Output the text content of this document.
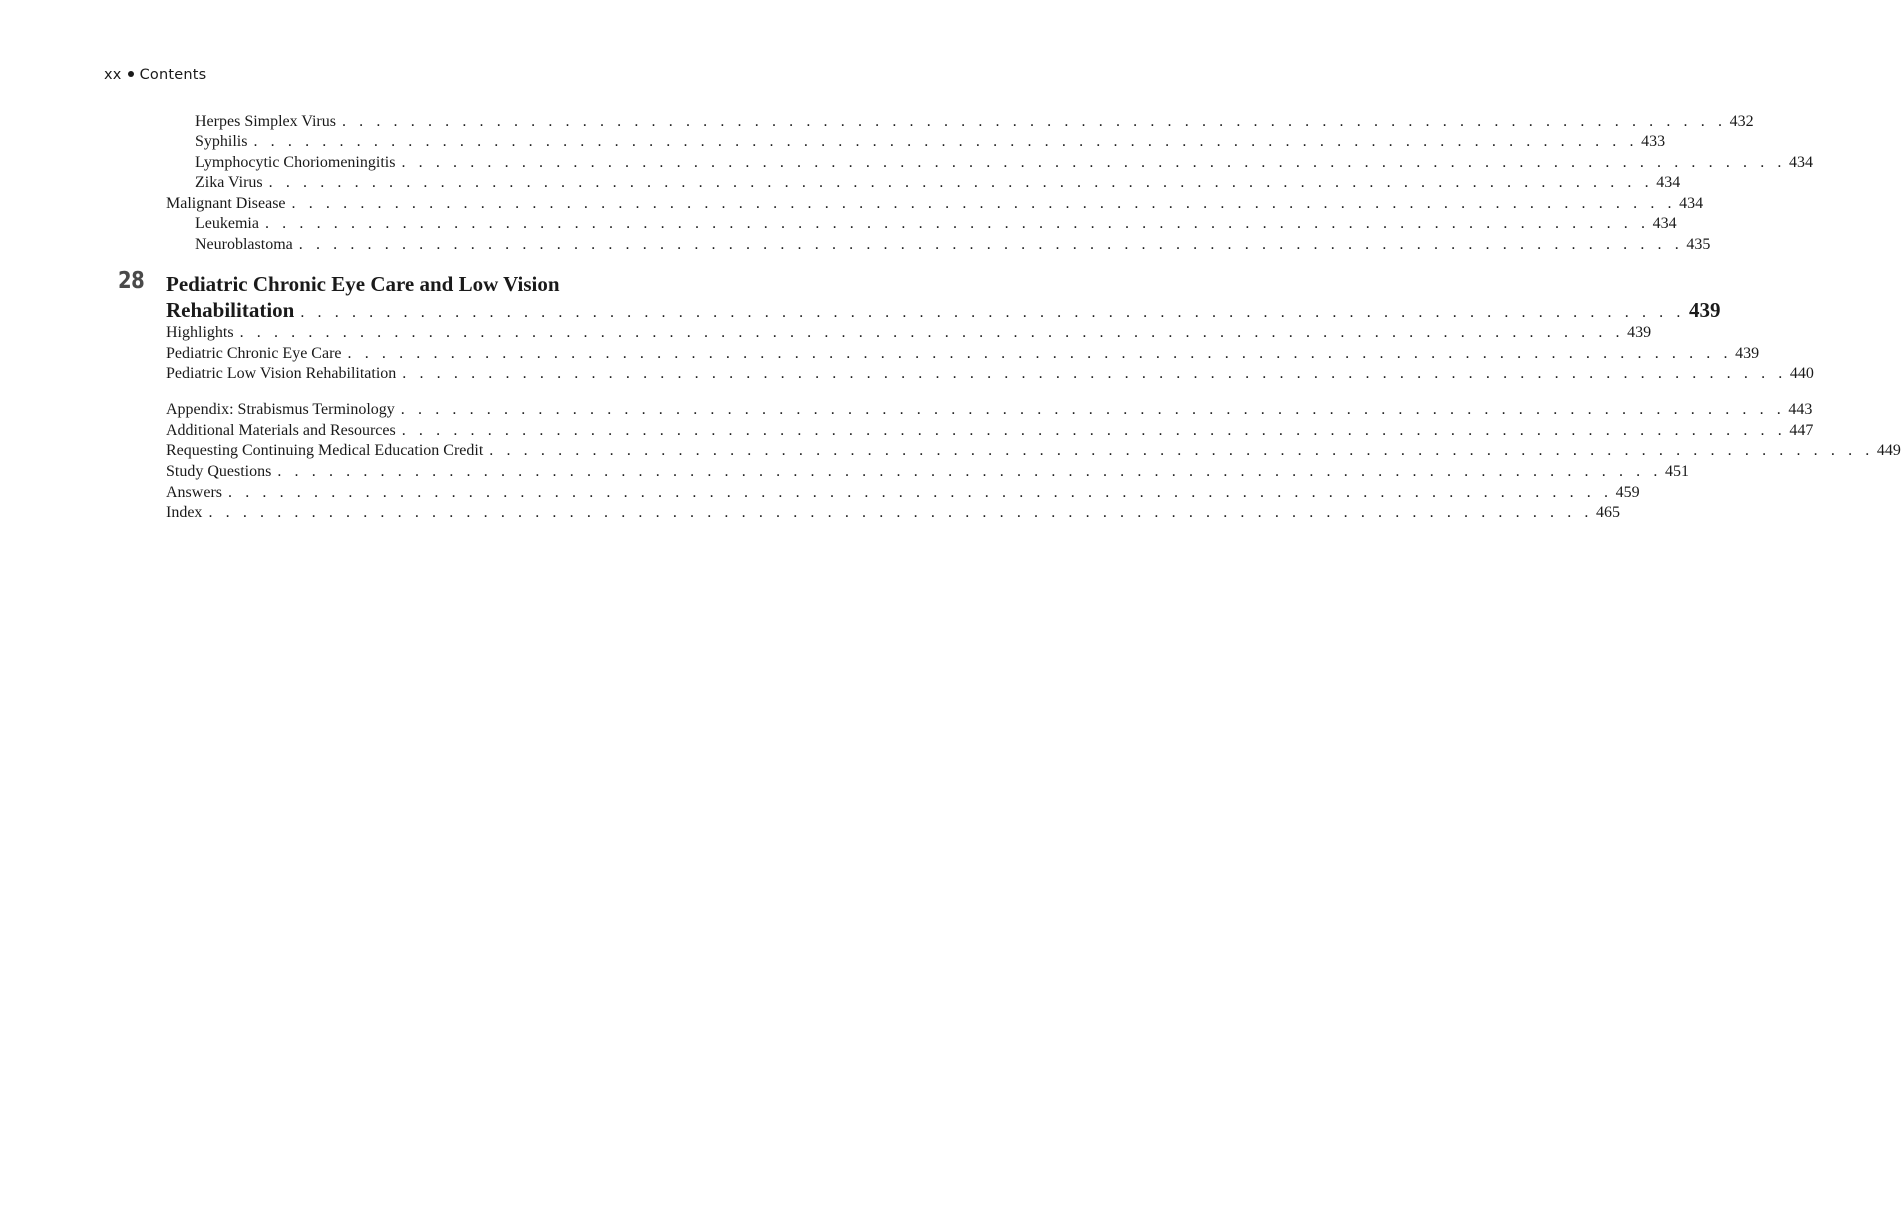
xx Contents
Herpes Simplex Virus . . . . . . . . . . . . . . . . . . . . . . . . . . . . . . . . . . . . . . . . . . . . . . . . . . . . . . . . . . . . . . . . . . . . . . . . . . . . . . . . . 432
Syphilis . . . . . . . . . . . . . . . . . . . . . . . . . . . . . . . . . . . . . . . . . . . . . . . . . . . . . . . . . . . . . . . . . . . . . . . . . . . . . . . . . 433
Lymphocytic Choriomeningitis . . . . . . . . . . . . . . . . . . . . . . . . . . . . . . . . . . . . . . . . . . . . . . . . . . . . . . . . . . . . . . . . . . . . . . . . . . . . . . . . . 434
Zika Virus . . . . . . . . . . . . . . . . . . . . . . . . . . . . . . . . . . . . . . . . . . . . . . . . . . . . . . . . . . . . . . . . . . . . . . . . . . . . . . . . . 434
Malignant Disease . . . . . . . . . . . . . . . . . . . . . . . . . . . . . . . . . . . . . . . . . . . . . . . . . . . . . . . . . . . . . . . . . . . . . . . . . . . . . . . . . 434
Leukemia . . . . . . . . . . . . . . . . . . . . . . . . . . . . . . . . . . . . . . . . . . . . . . . . . . . . . . . . . . . . . . . . . . . . . . . . . . . . . . . . . 434
Neuroblastoma . . . . . . . . . . . . . . . . . . . . . . . . . . . . . . . . . . . . . . . . . . . . . . . . . . . . . . . . . . . . . . . . . . . . . . . . . . . . . . . . . 435
28 Pediatric Chronic Eye Care and Low Vision
Rehabilitation . . . . . . . . . . . . . . . . . . . . . . . . . . . . . . . . . . . . . . . . . . . . . . . . . . . . . . . . . . . . . . . . . . . . . . . . . . . . . . . . . 439
Highlights . . . . . . . . . . . . . . . . . . . . . . . . . . . . . . . . . . . . . . . . . . . . . . . . . . . . . . . . . . . . . . . . . . . . . . . . . . . . . . . . . 439
Pediatric Chronic Eye Care . . . . . . . . . . . . . . . . . . . . . . . . . . . . . . . . . . . . . . . . . . . . . . . . . . . . . . . . . . . . . . . . . . . . . . . . . . . . . . . . . 439
Pediatric Low Vision Rehabilitation . . . . . . . . . . . . . . . . . . . . . . . . . . . . . . . . . . . . . . . . . . . . . . . . . . . . . . . . . . . . . . . . . . . . . . . . . . . . . . . . . 440
Appendix: Strabismus Terminology . . . . . . . . . . . . . . . . . . . . . . . . . . . . . . . . . . . . . . . . . . . . . . . . . . . . . . . . . . . . . . . . . . . . . . . . . . . . . . . . . 443
Additional Materials and Resources . . . . . . . . . . . . . . . . . . . . . . . . . . . . . . . . . . . . . . . . . . . . . . . . . . . . . . . . . . . . . . . . . . . . . . . . . . . . . . . . . 447
Requesting Continuing Medical Education Credit . . . . . . . . . . . . . . . . . . . . . . . . . . . . . . . . . . . . . . . . . . . . . . . . . . . . . . . . . . . . . . . . . . . . . . . . . . . . . . . . . 449
Study Questions . . . . . . . . . . . . . . . . . . . . . . . . . . . . . . . . . . . . . . . . . . . . . . . . . . . . . . . . . . . . . . . . . . . . . . . . . . . . . . . . . 451
Answers . . . . . . . . . . . . . . . . . . . . . . . . . . . . . . . . . . . . . . . . . . . . . . . . . . . . . . . . . . . . . . . . . . . . . . . . . . . . . . . . . 459
Index . . . . . . . . . . . . . . . . . . . . . . . . . . . . . . . . . . . . . . . . . . . . . . . . . . . . . . . . . . . . . . . . . . . . . . . . . . . . . . . . . 465
